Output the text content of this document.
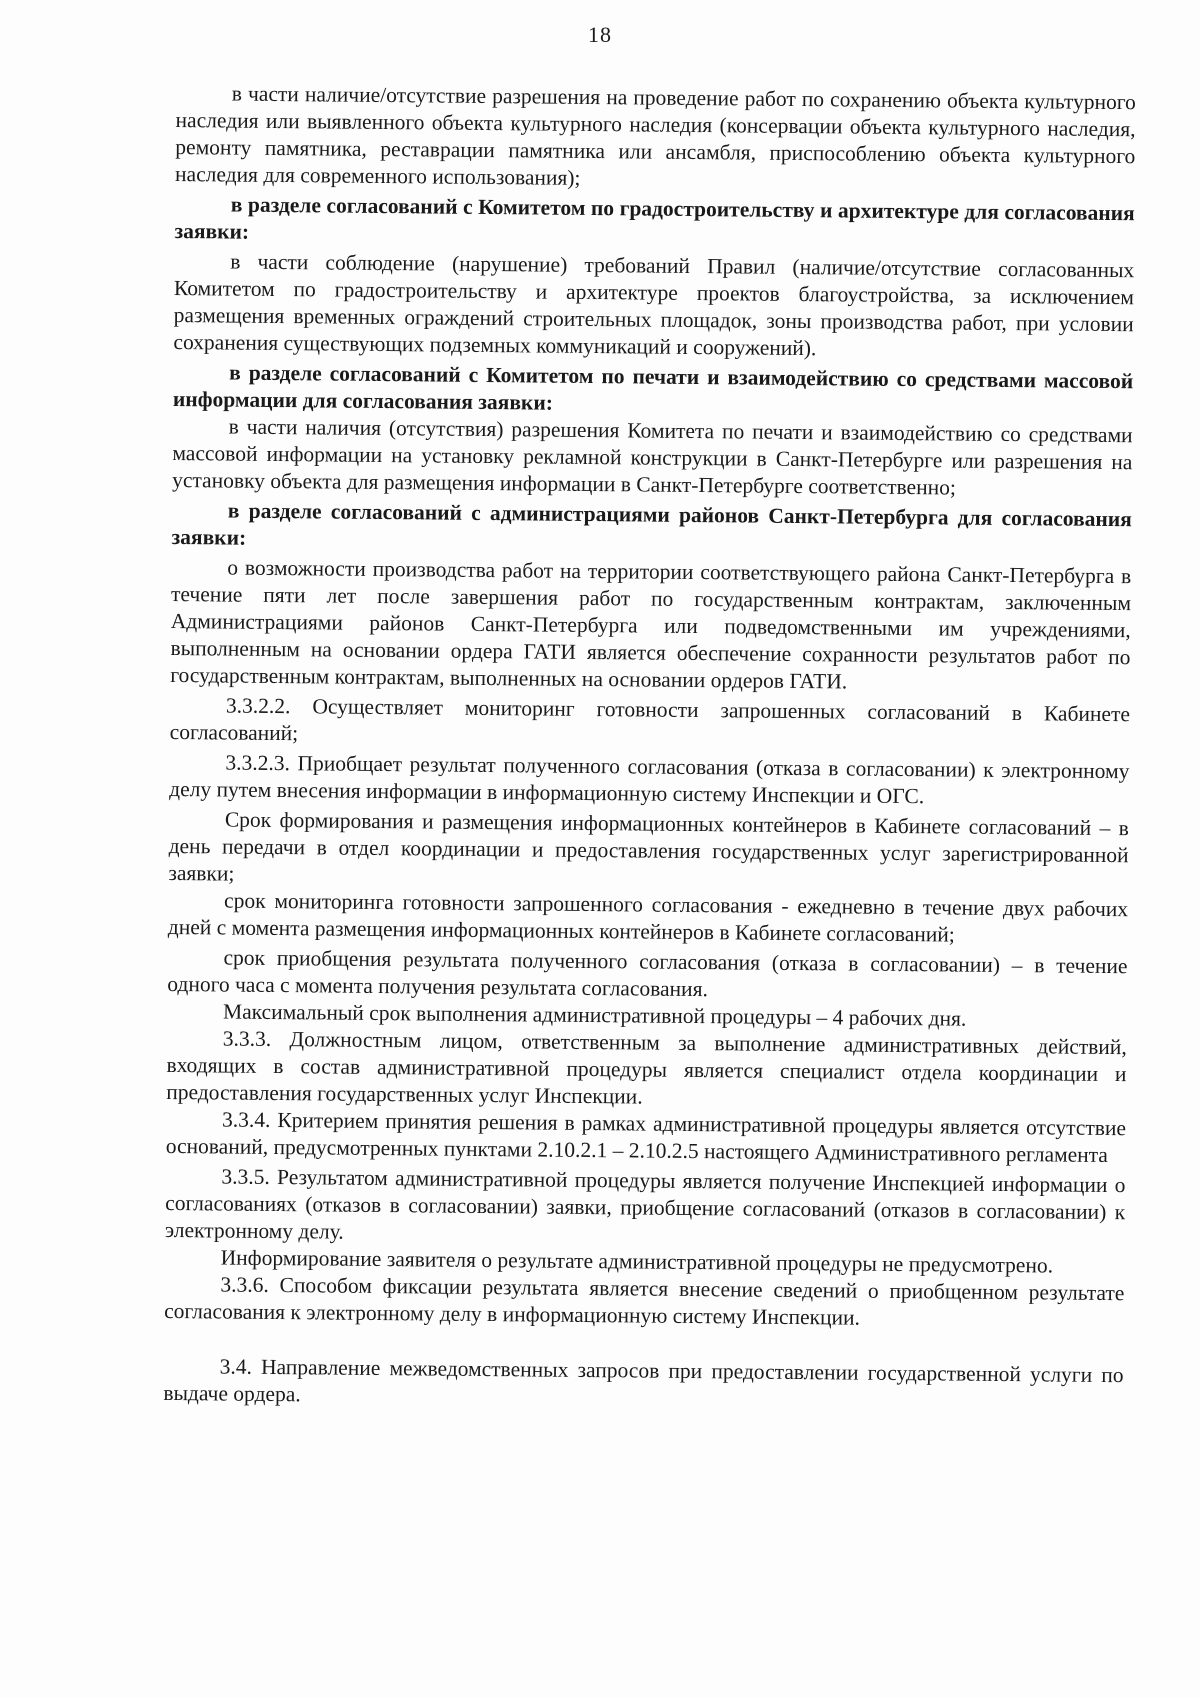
18

в части наличие/отсутствие разрешения на проведение работ по сохранению объекта культурного наследия или выявленного объекта культурного наследия (консервации объекта культурного наследия, ремонту памятника, реставрации памятника или ансамбля, приспособлению объекта культурного наследия для современного использования);

в разделе согласований с Комитетом по градостроительству и архитектуре для согласования заявки:

в части соблюдение (нарушение) требований Правил (наличие/отсутствие согласованных Комитетом по градостроительству и архитектуре проектов благоустройства, за исключением размещения временных ограждений строительных площадок, зоны производства работ, при условии сохранения существующих подземных коммуникаций и сооружений).

в разделе согласований с Комитетом по печати и взаимодействию со средствами массовой информации для согласования заявки:

в части наличия (отсутствия) разрешения Комитета по печати и взаимодействию со средствами массовой информации на установку рекламной конструкции в Санкт-Петербурге или разрешения на установку объекта для размещения информации в Санкт-Петербурге соответственно;

в разделе согласований с администрациями районов Санкт-Петербурга для согласования заявки:

о возможности производства работ на территории соответствующего района Санкт-Петербурга в течение пяти лет после завершения работ по государственным контрактам, заключенным Администрациями районов Санкт-Петербурга или подведомственными им учреждениями, выполненным на основании ордера ГАТИ является обеспечение сохранности результатов работ по государственным контрактам, выполненных на основании ордеров ГАТИ.

3.3.2.2. Осуществляет мониторинг готовности запрошенных согласований в Кабинете согласований;

3.3.2.3. Приобщает результат полученного согласования (отказа в согласовании) к электронному делу путем внесения информации в информационную систему Инспекции и ОГС.

Срок формирования и размещения информационных контейнеров в Кабинете согласований – в день передачи в отдел координации и предоставления государственных услуг зарегистрированной заявки;

срок мониторинга готовности запрошенного согласования - ежедневно в течение двух рабочих дней с момента размещения информационных контейнеров в Кабинете согласований;

срок приобщения результата полученного согласования (отказа в согласовании) – в течение одного часа с момента получения результата согласования.

Максимальный срок выполнения административной процедуры – 4 рабочих дня.

3.3.3. Должностным лицом, ответственным за выполнение административных действий, входящих в состав административной процедуры является специалист отдела координации и предоставления государственных услуг Инспекции.

3.3.4. Критерием принятия решения в рамках административной процедуры является отсутствие оснований, предусмотренных пунктами 2.10.2.1 – 2.10.2.5 настоящего Административного регламента

3.3.5. Результатом административной процедуры является получение Инспекцией информации о согласованиях (отказов в согласовании) заявки, приобщение согласований (отказов в согласовании) к электронному делу.

Информирование заявителя о результате административной процедуры не предусмотрено.

3.3.6. Способом фиксации результата является внесение сведений о приобщенном результате согласования к электронному делу в информационную систему Инспекции.

3.4. Направление межведомственных запросов при предоставлении государственной услуги по выдаче ордера.
